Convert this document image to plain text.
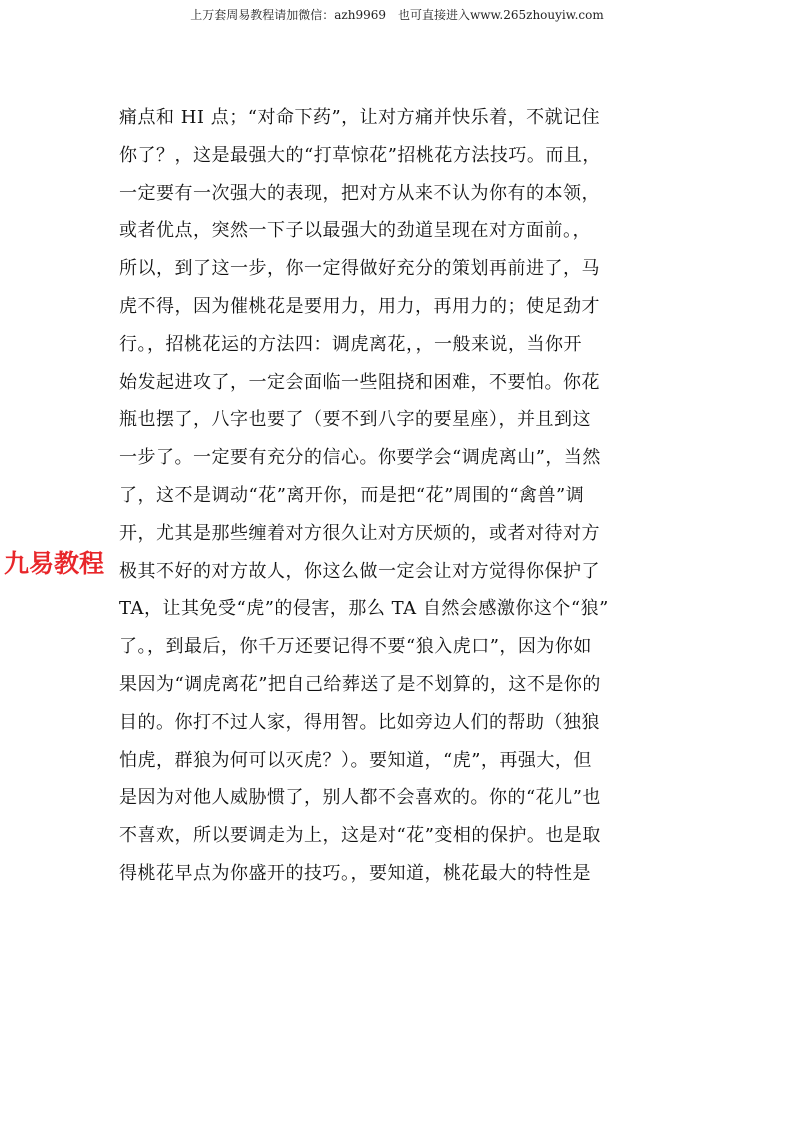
上万套周易教程请加微信：azh9969　也可直接进入www.265zhouyiw.com
九易教程
痛点和 HI 点；“对命下药”，让对方痛并快乐着，不就记住
你了？，这是最强大的“打草惊花”招桃花方法技巧。而且，
一定要有一次强大的表现，把对方从来不认为你有的本领，
或者优点，突然一下子以最强大的劲道呈现在对方面前。，
所以，到了这一步，你一定得做好充分的策划再前进了，马
虎不得，因为催桃花是要用力，用力，再用力的；使足劲才
行。，招桃花运的方法四：调虎离花，，一般来说，当你开
始发起进攻了，一定会面临一些阻挠和困难，不要怕。你花
瓶也摆了，八字也要了（要不到八字的要星座），并且到这
一步了。一定要有充分的信心。你要学会“调虎离山”，当然
了，这不是调动“花”离开你，而是把“花”周围的“禽兽”调
开，尤其是那些缠着对方很久让对方厌烦的，或者对待对方
极其不好的对方故人，你这么做一定会让对方觉得你保护了
TA，让其免受“虎”的侵害，那么 TA 自然会感激你这个“狼”
了。，到最后，你千万还要记得不要“狼入虎口”，因为你如
果因为“调虎离花”把自己给葬送了是不划算的，这不是你的
目的。你打不过人家，得用智。比如旁边人们的帮助（独狼
怕虎，群狼为何可以灭虎？）。要知道，“虎”，再强大，但
是因为对他人威胁惯了，别人都不会喜欢的。你的“花儿”也
不喜欢，所以要调走为上，这是对“花”变相的保护。也是取
得桃花早点为你盛开的技巧。，要知道，桃花最大的特性是
